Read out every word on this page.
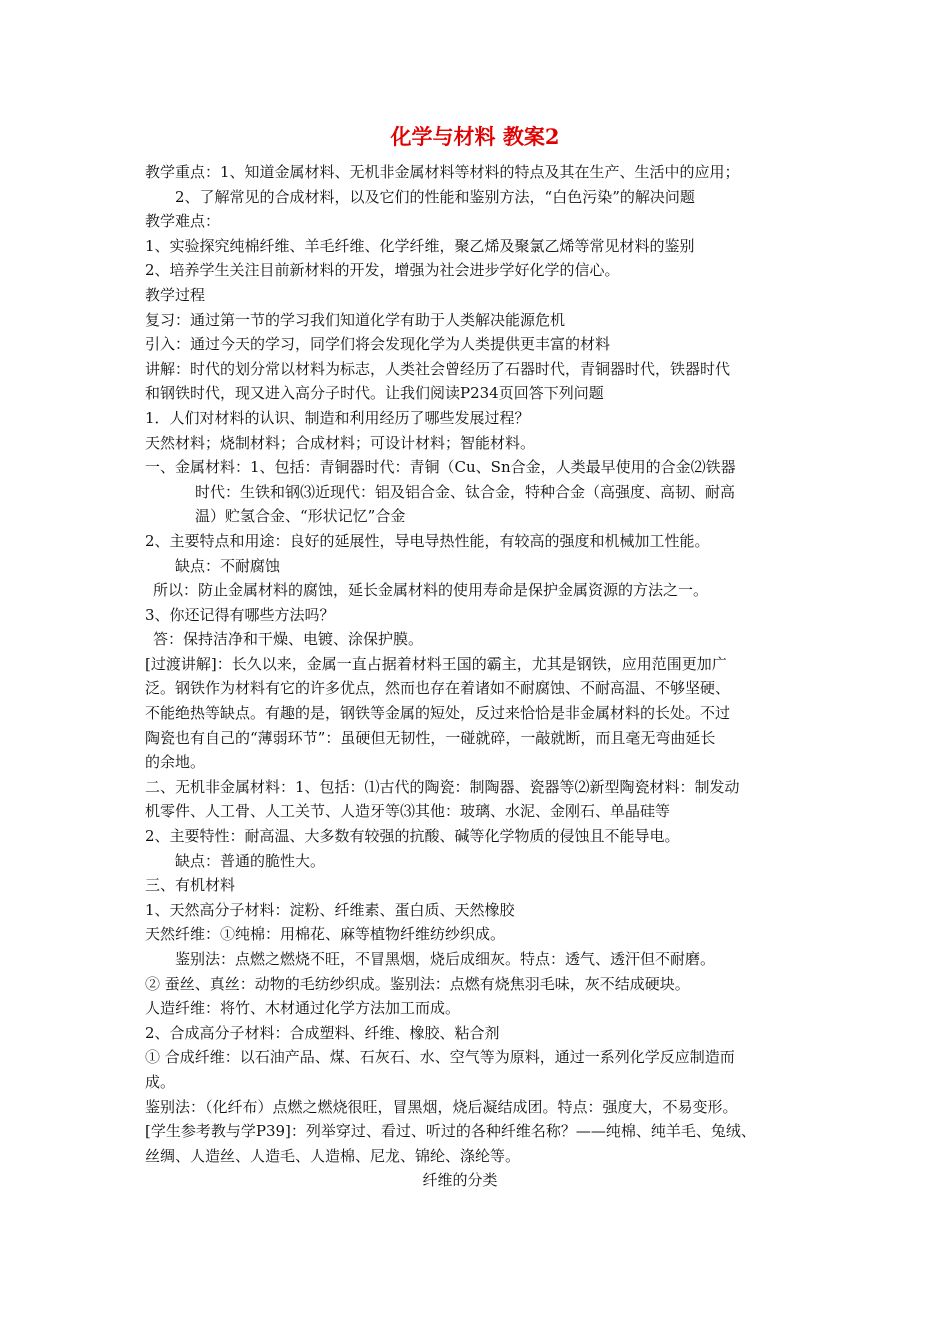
化学与材料 教案2
教学重点：1、知道金属材料、无机非金属材料等材料的特点及其在生产、生活中的应用；
2、了解常见的合成材料，以及它们的性能和鉴别方法，“白色污染”的解决问题
教学难点：
1、实验探究纯棉纤维、羊毛纤维、化学纤维，聚乙烯及聚氯乙烯等常见材料的鉴别
2、培养学生关注目前新材料的开发，增强为社会进步学好化学的信心。
教学过程
复习：通过第一节的学习我们知道化学有助于人类解决能源危机
引入：通过今天的学习，同学们将会发现化学为人类提供更丰富的材料
讲解：时代的划分常以材料为标志，人类社会曾经历了石器时代，青铜器时代，铁器时代
和钢铁时代，现又进入高分子时代。让我们阅读P234页回答下列问题
1．人们对材料的认识、制造和利用经历了哪些发展过程？
天然材料；烧制材料；合成材料；可设计材料；智能材料。
一、金属材料：1、包括：青铜器时代：青铜（Cu、Sn合金，人类最早使用的合金⑵铁器
时代：生铁和钢⑶近现代：铝及铝合金、钛合金，特种合金（高强度、高韧、耐高
温）贮氢合金、“形状记忆”合金
2、主要特点和用途：良好的延展性，导电导热性能，有较高的强度和机械加工性能。
缺点：不耐腐蚀
所以：防止金属材料的腐蚀，延长金属材料的使用寿命是保护金属资源的方法之一。
3、你还记得有哪些方法吗？
答：保持洁净和干燥、电镀、涂保护膜。
[过渡讲解]：长久以来，金属一直占据着材料王国的霸主，尤其是钢铁，应用范围更加广
泛。钢铁作为材料有它的许多优点，然而也存在着诸如不耐腐蚀、不耐高温、不够坚硬、
不能绝热等缺点。有趣的是，钢铁等金属的短处，反过来恰恰是非金属材料的长处。不过
陶瓷也有自己的“薄弱环节”：虽硬但无韧性，一碰就碎，一敲就断，而且毫无弯曲延长
的余地。
二、无机非金属材料：1、包括：⑴古代的陶瓷：制陶器、瓷器等⑵新型陶瓷材料：制发动
机零件、人工骨、人工关节、人造牙等⑶其他：玻璃、水泥、金刚石、单晶硅等
2、主要特性：耐高温、大多数有较强的抗酸、碱等化学物质的侵蚀且不能导电。
缺点：普通的脆性大。
三、有机材料
1、天然高分子材料：淀粉、纤维素、蛋白质、天然橡胶
天然纤维：①纯棉：用棉花、麻等植物纤维纺纱织成。
鉴别法：点燃之燃烧不旺，不冒黑烟，烧后成细灰。特点：透气、透汗但不耐磨。
② 蚕丝、真丝：动物的毛纺纱织成。鉴别法：点燃有烧焦羽毛味，灰不结成硬块。
人造纤维：将竹、木材通过化学方法加工而成。
2、合成高分子材料：合成塑料、纤维、橡胶、粘合剂
① 合成纤维：以石油产品、煤、石灰石、水、空气等为原料，通过一系列化学反应制造而
成。
鉴别法：（化纤布）点燃之燃烧很旺，冒黑烟，烧后凝结成团。特点：强度大，不易变形。
[学生参考教与学P39]：列举穿过、看过、听过的各种纤维名称？——纯棉、纯羊毛、兔绒、
丝绸、人造丝、人造毛、人造棉、尼龙、锦纶、涤纶等。
纤维的分类
